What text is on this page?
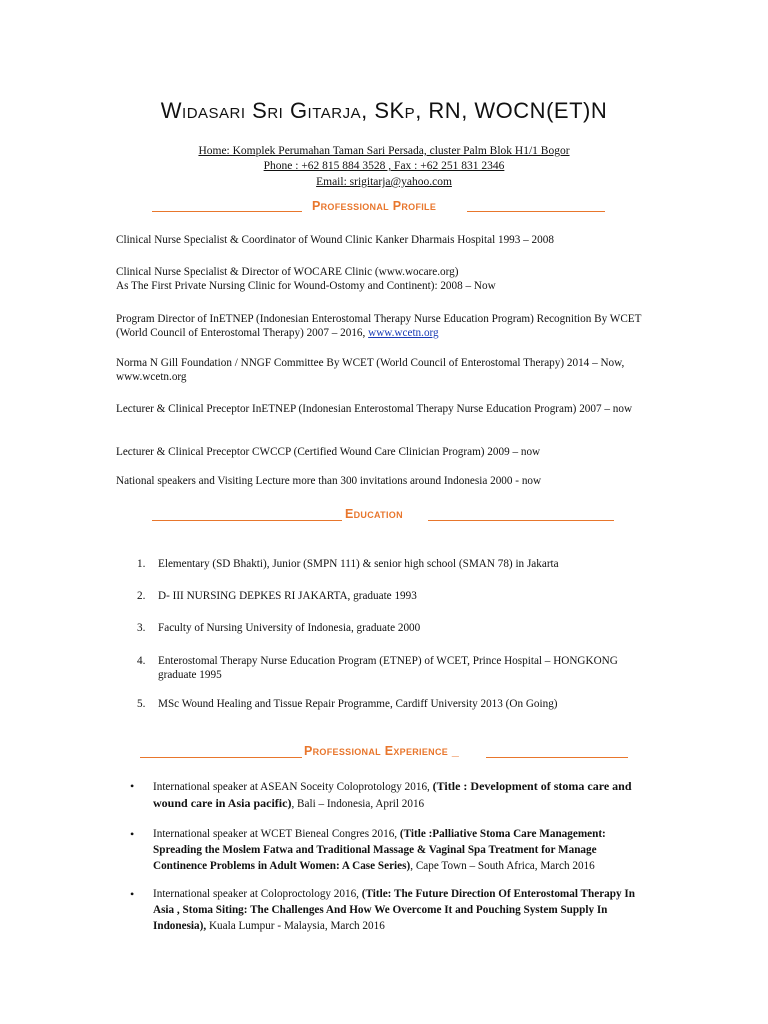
Widasari Sri Gitarja, SKp, RN, WOCN(ET)N
Home: Komplek Perumahan Taman Sari Persada, cluster Palm Blok H1/1 Bogor
Phone : +62 815 884 3528 , Fax : +62 251 831 2346
Email: srigitarja@yahoo.com
Professional Profile
Clinical Nurse Specialist & Coordinator of Wound Clinic Kanker Dharmais Hospital 1993 – 2008
Clinical Nurse Specialist & Director of WOCARE Clinic (www.wocare.org)
As The First Private Nursing Clinic for Wound-Ostomy and Continent): 2008 – Now
Program Director of InETNEP (Indonesian Enterostomal Therapy Nurse Education Program) Recognition By WCET (World Council of Enterostomal Therapy) 2007 – 2016, www.wcetn.org
Norma N Gill Foundation / NNGF Committee By WCET (World Council of Enterostomal Therapy) 2014 – Now, www.wcetn.org
Lecturer & Clinical Preceptor InETNEP (Indonesian Enterostomal Therapy Nurse Education Program) 2007 – now
Lecturer & Clinical Preceptor CWCCP (Certified Wound Care Clinician Program) 2009 – now
National speakers and Visiting Lecture more than 300 invitations around Indonesia 2000 - now
Education
1.	Elementary (SD Bhakti), Junior (SMPN 111) & senior high school (SMAN 78) in Jakarta
2.	D- III NURSING DEPKES RI JAKARTA, graduate 1993
3.	Faculty of Nursing University of Indonesia, graduate 2000
4.	Enterostomal Therapy Nurse Education Program (ETNEP) of WCET, Prince Hospital – HONGKONG graduate 1995
5.	MSc Wound Healing and Tissue Repair Programme, Cardiff University 2013 (On Going)
Professional Experience _
• International speaker at ASEAN Soceity Coloprotology 2016, (Title : Development of stoma care and wound care in Asia pacific), Bali – Indonesia, April 2016
• International speaker at WCET Bieneal Congres 2016, (Title :Palliative Stoma Care Management: Spreading the Moslem Fatwa and Traditional Massage & Vaginal Spa Treatment for Manage Continence Problems in Adult Women: A Case Series), Cape Town – South Africa, March 2016
• International speaker at Coloproctology 2016, (Title: The Future Direction Of Enterostomal Therapy In Asia , Stoma Siting: The Challenges And How We Overcome It and Pouching System Supply In Indonesia), Kuala Lumpur - Malaysia, March 2016
